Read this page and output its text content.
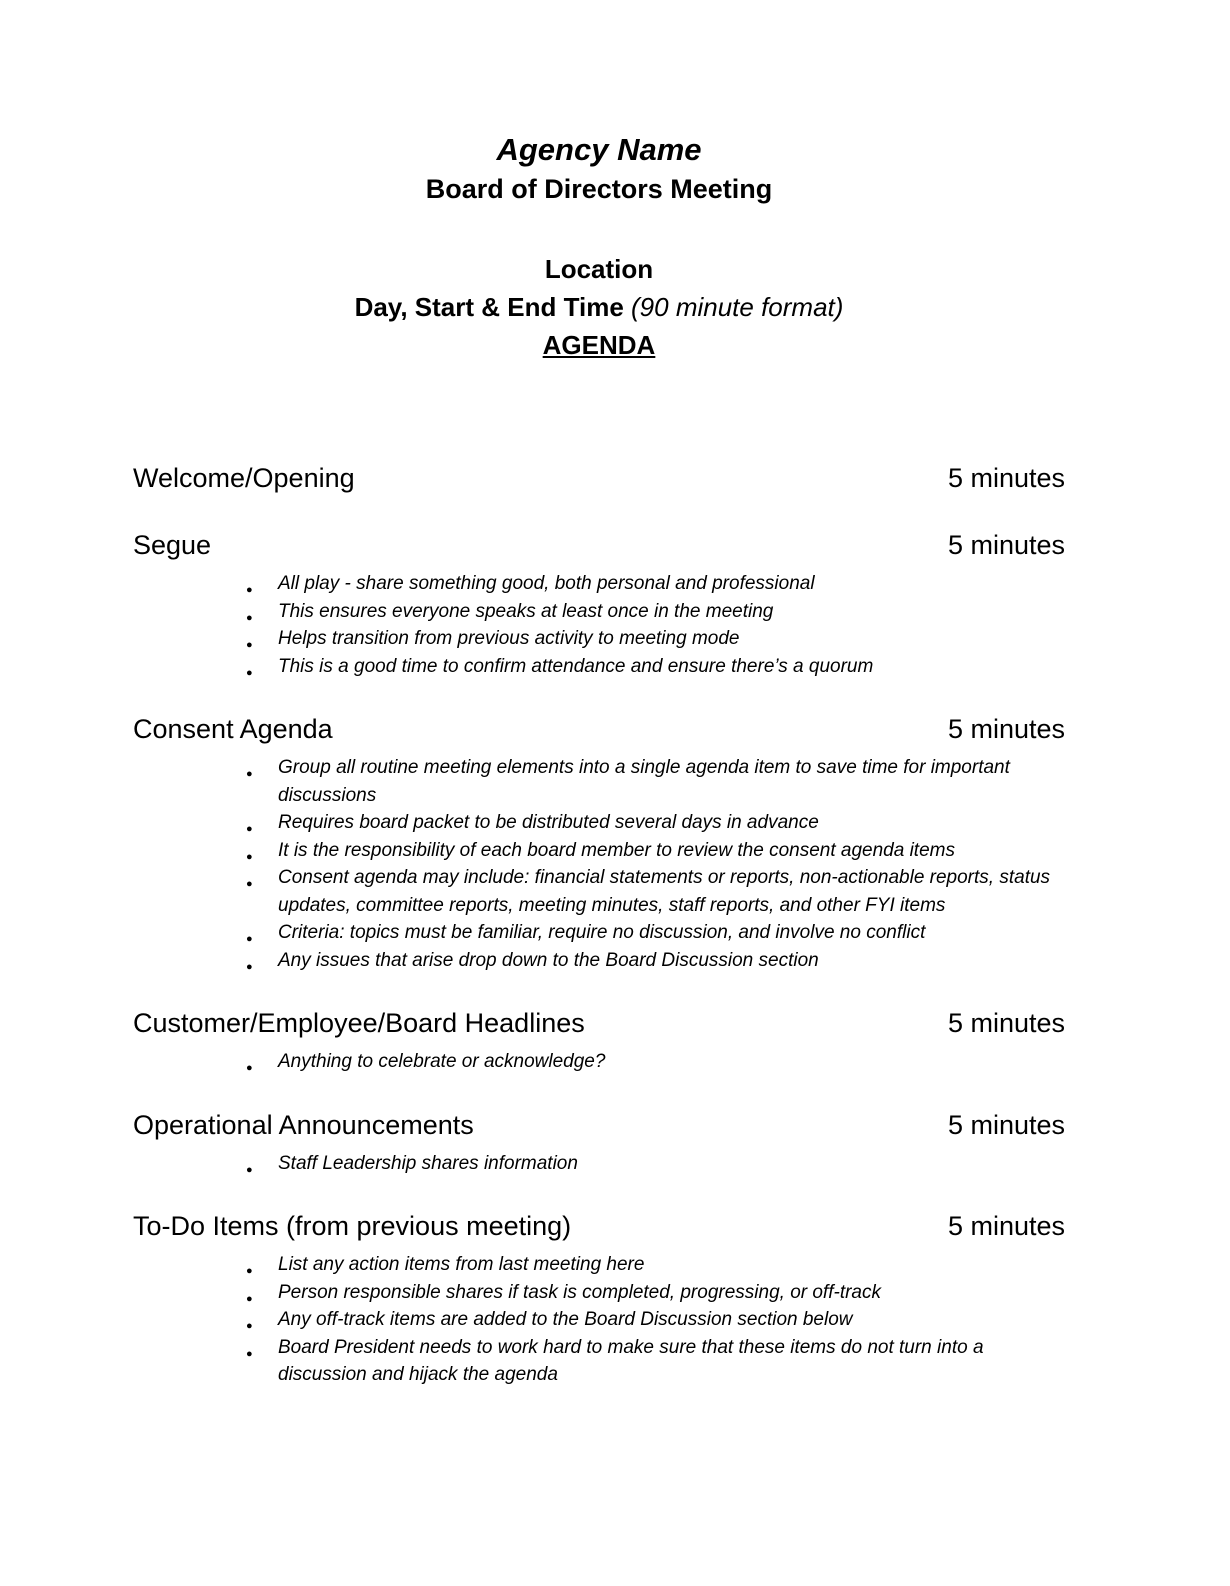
Agency Name
Board of Directors Meeting
Location
Day, Start & End Time (90 minute format)
AGENDA
Welcome/Opening	5 minutes
Segue	5 minutes
● All play - share something good, both personal and professional
● This ensures everyone speaks at least once in the meeting
● Helps transition from previous activity to meeting mode
● This is a good time to confirm attendance and ensure there’s a quorum
Consent Agenda	5 minutes
● Group all routine meeting elements into a single agenda item to save time for important discussions
● Requires board packet to be distributed several days in advance
● It is the responsibility of each board member to review the consent agenda items
● Consent agenda may include: financial statements or reports, non-actionable reports, status updates, committee reports, meeting minutes, staff reports, and other FYI items
● Criteria: topics must be familiar, require no discussion, and involve no conflict
● Any issues that arise drop down to the Board Discussion section
Customer/Employee/Board Headlines	5 minutes
● Anything to celebrate or acknowledge?
Operational Announcements	5 minutes
● Staff Leadership shares information
To-Do Items (from previous meeting)	5 minutes
● List any action items from last meeting here
● Person responsible shares if task is completed, progressing, or off-track
● Any off-track items are added to the Board Discussion section below
● Board President needs to work hard to make sure that these items do not turn into a discussion and hijack the agenda
